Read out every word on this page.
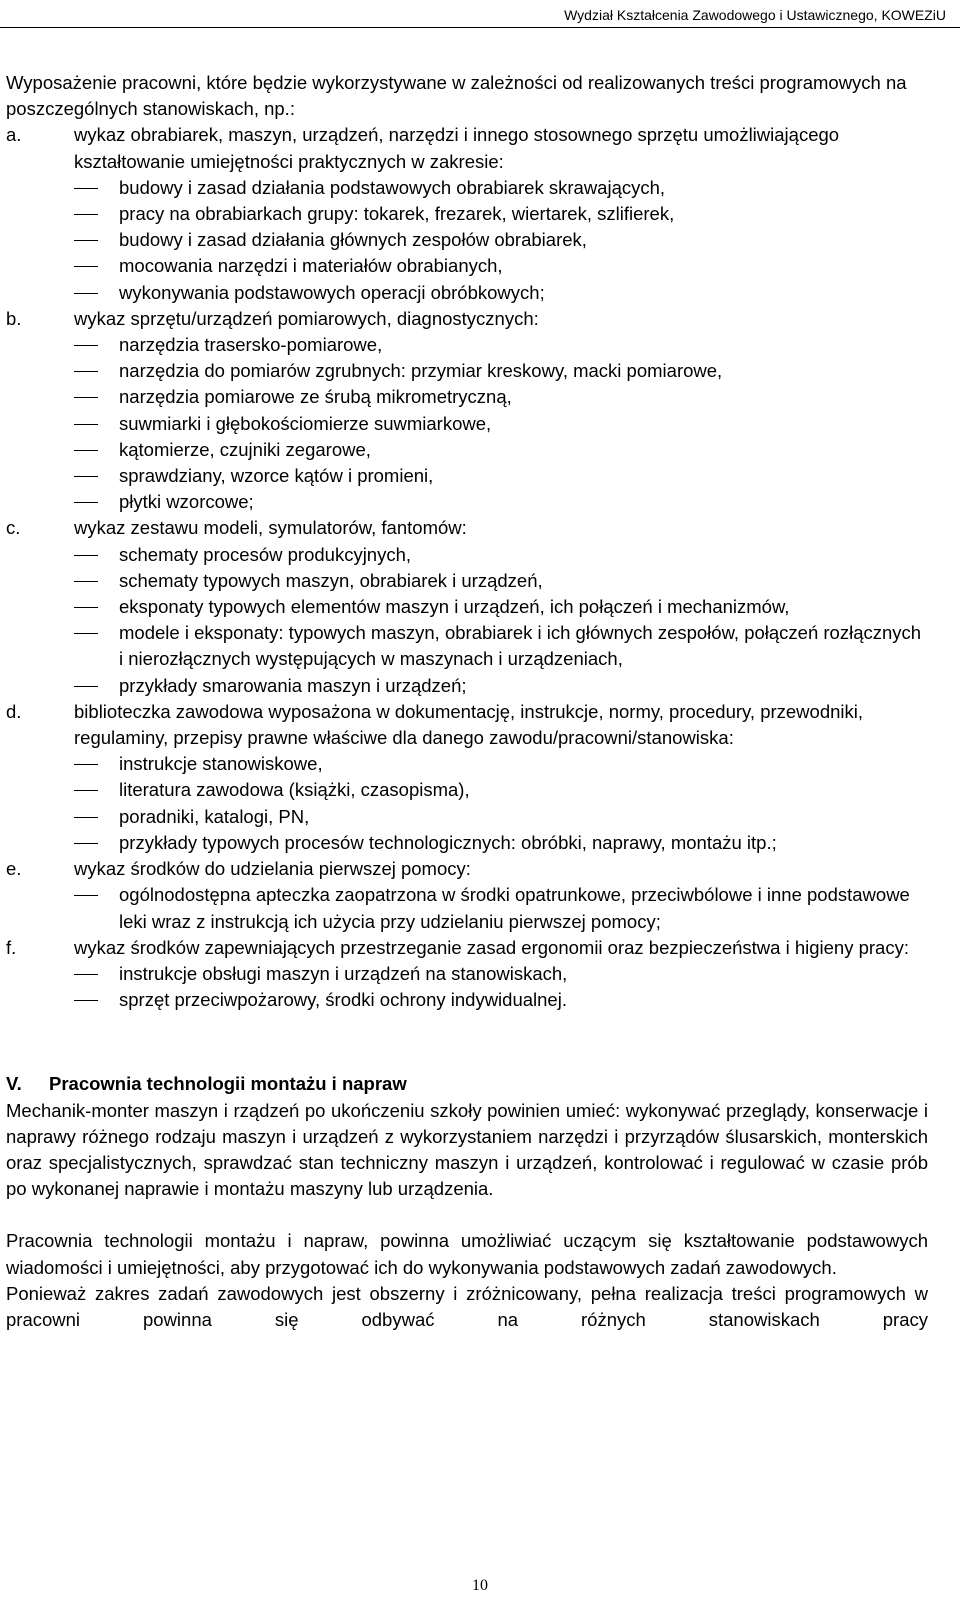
Wydział Kształcenia Zawodowego i Ustawicznego, KOWEZiU

Wyposażenie pracowni, które będzie wykorzystywane w zależności od realizowanych treści programowych na poszczególnych stanowiskach, np.:

a.	wykaz obrabiarek, maszyn, urządzeń, narzędzi i innego stosownego sprzętu umożliwiającego kształtowanie umiejętności praktycznych w zakresie:
budowy i zasad działania podstawowych obrabiarek skrawających,
pracy na obrabiarkach grupy: tokarek, frezarek, wiertarek, szlifierek,
budowy i zasad działania głównych zespołów obrabiarek,
mocowania narzędzi i materiałów obrabianych,
wykonywania podstawowych operacji obróbkowych;
b.	wykaz sprzętu/urządzeń pomiarowych, diagnostycznych:
narzędzia trasersko-pomiarowe,
narzędzia do pomiarów zgrubnych: przymiar kreskowy, macki pomiarowe,
narzędzia pomiarowe ze śrubą mikrometryczną,
suwmiarki i głębokościomierze suwmiarkowe,
kątomierze, czujniki zegarowe,
sprawdziany, wzorce kątów i promieni,
płytki wzorcowe;
c.	wykaz zestawu modeli, symulatorów, fantomów:
schematy procesów produkcyjnych,
schematy typowych maszyn, obrabiarek i urządzeń,
eksponaty typowych elementów maszyn i urządzeń, ich połączeń i mechanizmów,
modele i eksponaty: typowych maszyn, obrabiarek i ich głównych zespołów, połączeń rozłącznych i nierozłącznych występujących w maszynach i urządzeniach,
przykłady smarowania maszyn i urządzeń;
d.	biblioteczka zawodowa wyposażona w dokumentację, instrukcje, normy, procedury, przewodniki, regulaminy, przepisy prawne właściwe dla danego zawodu/pracowni/stanowiska:
instrukcje stanowiskowe,
literatura zawodowa (książki, czasopisma),
poradniki, katalogi, PN,
przykłady typowych procesów technologicznych: obróbki, naprawy, montażu itp.;
e.	wykaz środków do udzielania pierwszej pomocy:
ogólnodostępna apteczka zaopatrzona w środki opatrunkowe, przeciwbólowe i inne podstawowe leki wraz z instrukcją ich użycia przy udzielaniu pierwszej pomocy;
f.	wykaz środków zapewniających przestrzeganie zasad ergonomii oraz bezpieczeństwa i higieny pracy:
instrukcje obsługi maszyn i urządzeń na stanowiskach,
sprzęt przeciwpożarowy, środki ochrony indywidualnej.
V.	Pracownia technologii montażu i napraw

Mechanik-monter maszyn i rządzeń po ukończeniu szkoły powinien umieć: wykonywać przeglądy, konserwacje i naprawy różnego rodzaju maszyn i urządzeń z wykorzystaniem narzędzi i przyrządów ślusarskich, monterskich oraz specjalistycznych, sprawdzać stan techniczny maszyn i urządzeń, kontrolować i regulować w czasie prób po wykonanej naprawie i montażu maszyny lub urządzenia.

Pracownia technologii montażu i napraw, powinna umożliwiać uczącym się kształtowanie podstawowych wiadomości i umiejętności, aby przygotować ich do wykonywania podstawowych zadań zawodowych.

Ponieważ zakres zadań zawodowych jest obszerny i zróżnicowany, pełna realizacja treści programowych w pracowni powinna się odbywać na różnych stanowiskach pracy

10
